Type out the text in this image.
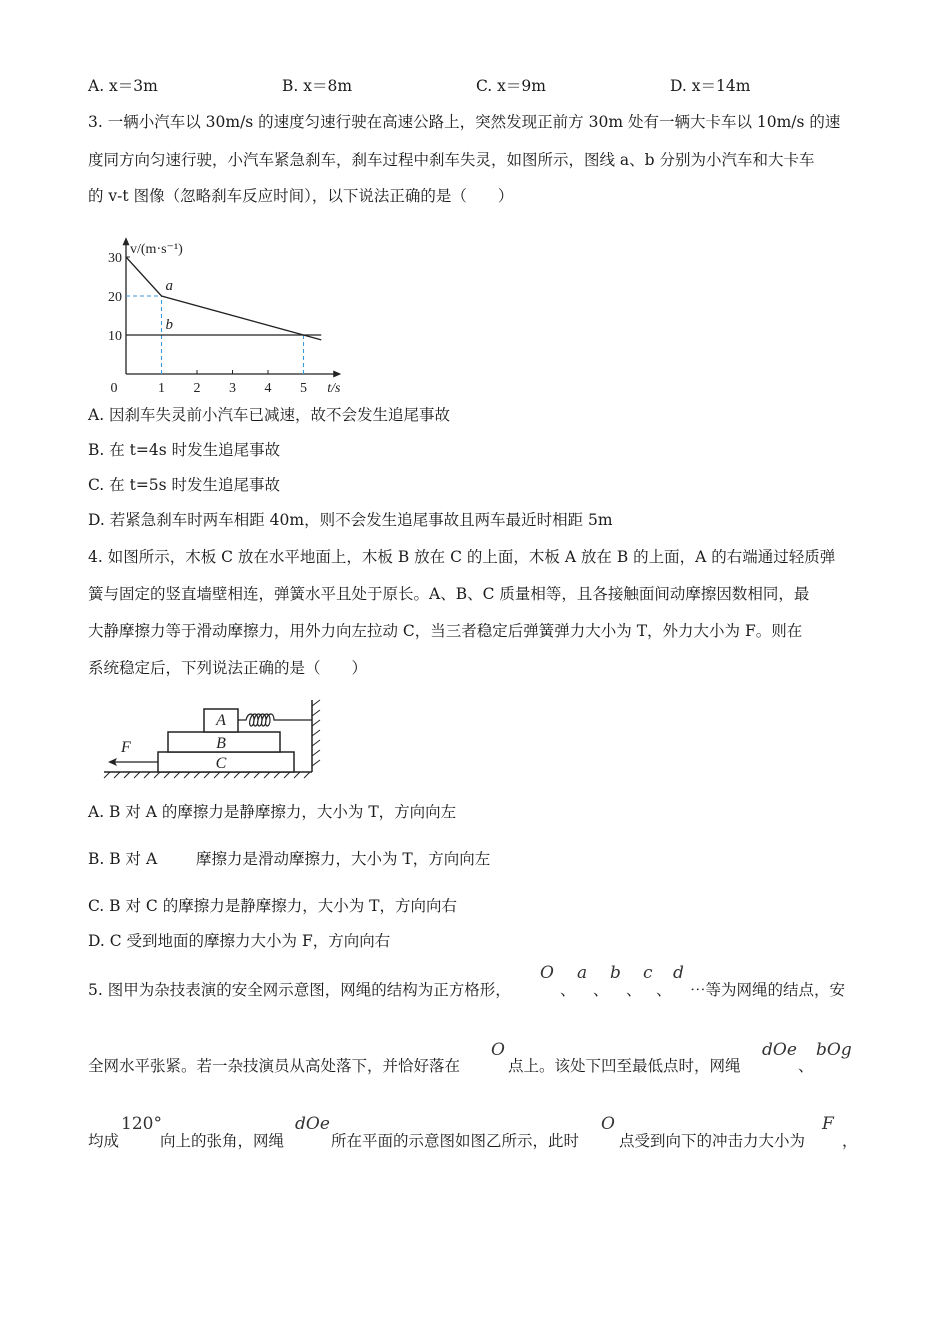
A. x＝3m	B. x＝8m	C. x＝9m	D. x＝14m
3. 一辆小汽车以 30m/s 的速度匀速行驶在高速公路上，突然发现正前方 30m 处有一辆大卡车以 10m/s 的速
度同方向匀速行驶，小汽车紧急刹车，刹车过程中刹车失灵，如图所示，图线 a、b 分别为小汽车和大卡车
的 v-t 图像（忽略刹车反应时间），以下说法正确的是（　　）
0	1 2 3 4 5
10
20
30
a
b
v/(m·s⁻¹)
t/s
A. 因刹车失灵前小汽车已减速，故不会发生追尾事故
B. 在 t=4s 时发生追尾事故
C. 在 t=5s 时发生追尾事故
D. 若紧急刹车时两车相距 40m，则不会发生追尾事故且两车最近时相距 5m
4. 如图所示，木板 C 放在水平地面上，木板 B 放在 C 的上面，木板 A 放在 B 的上面，A 的右端通过轻质弹
簧与固定的竖直墙壁相连，弹簧水平且处于原长。A、B、C 质量相等，且各接触面间动摩擦因数相同，最
大静摩擦力等于滑动摩擦力，用外力向左拉动 C，当三者稳定后弹簧弹力大小为 T，外力大小为 F。则在
系统稳定后，下列说法正确的是（　　）
A
B
C
F
A. B 对 A 的摩擦力是静摩擦力，大小为 T，方向向左
B. B 对 A	摩擦力是滑动摩擦力，大小为 T，方向向左
C. B 对 C 的摩擦力是静摩擦力，大小为 T，方向向右
D. C 受到地面的摩擦力大小为 F，方向向右
5. 图甲为杂技表演的安全网示意图，网绳的结构为正方格形，
O
、
a
、
b
、
c
、
d
⋯等为网绳的结点，安
全网水平张紧。若一杂技演员从高处落下，并恰好落在
O
点上。该处下凹至最低点时，网绳
dOe
、
bOg
均成
120°
向上的张角，网绳
dOe
所在平面的示意图如图乙所示，此时
O
点受到向下的冲击力大小为
F
，
